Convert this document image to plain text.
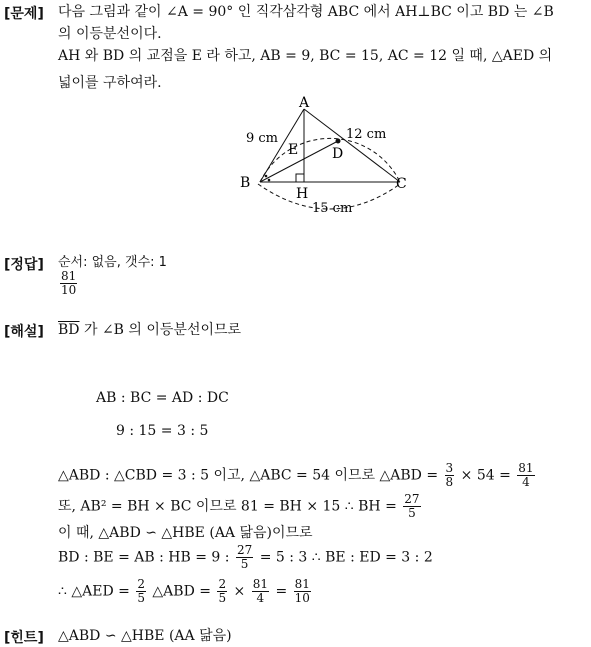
[문제] 다음 그림과 같이 ∠A = 90° 인 직각삼각형 ABC 에서 AH⊥BC 이고 BD 는 ∠B
의 이등분선이다.
AH 와 BD 의 교점을 E 라 하고, AB = 9, BC = 15, AC = 12 일 때, △AED 의
넓이를 구하여라.
A
B	C
D
E
H
9 cm	12 cm
15 cm
[정답] 순서: 없음, 갯수: 1
$\frac{81}{10}$
[해설] $\overline{BD}$ 가 ∠B 의 이등분선이므로
AB : BC = AD : DC
9 : 15 = 3 : 5
△ABD : △CBD = 3 : 5 이고, △ABC = 54 이므로 △ABD = $\frac{3}{8} \times 54 = \frac{81}{4}$
또, AB² = BH × BC 이므로 81 = BH × 15 ∴ BH = $\frac{27}{5}$
이 때, △ABD ∽ △HBE (AA 닮음)이므로
BD : BE = AB : HB = 9 : $\frac{27}{5} = 5$ : 3 ∴ BE : ED = 3 : 2
∴ △AED = $\frac{2}{5}$ △ABD = $\frac{2}{5} \times \frac{81}{4} = \frac{81}{10}$
[힌트] △ABD ∽ △HBE (AA 닮음)
